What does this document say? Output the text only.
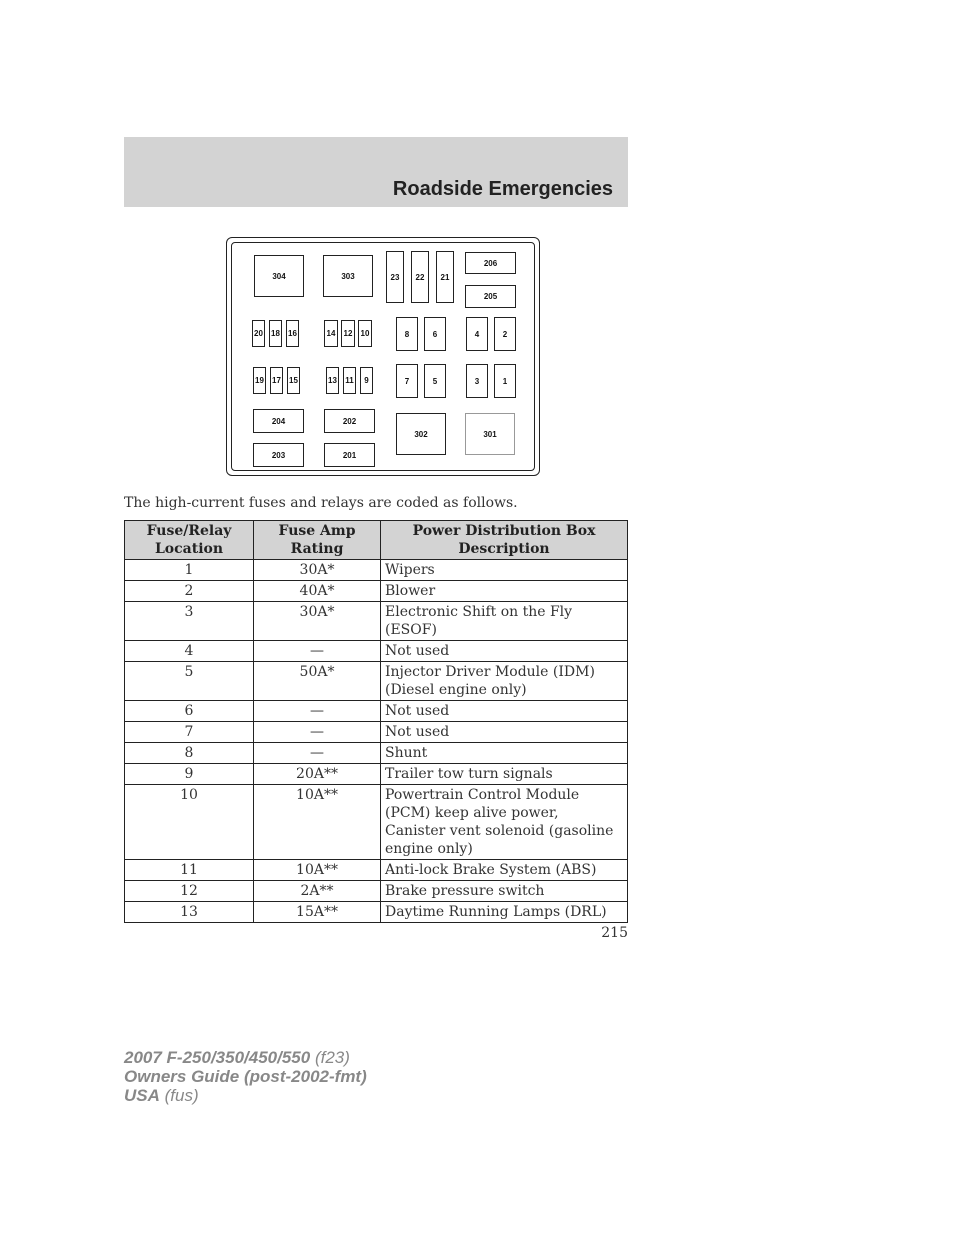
Roadside Emergencies
304	303	23	22	21
206
205
20 18 16	14	12	10	8	6	4	2
19 17 15	13 11	9	7	5	3	1
204	202
302	301
203	201
The high-current fuses and relays are coded as follows.
Fuse/Relay Location	Fuse Amp Rating	Power Distribution Box Description
1	30A*	Wipers
2	40A*	Blower
3	30A*	Electronic Shift on the Fly (ESOF)
4	—	Not used
5	50A*	Injector Driver Module (IDM) (Diesel engine only)
6	—	Not used
7	—	Not used
8	—	Shunt
9	20A**	Trailer tow turn signals
10	10A**	Powertrain Control Module (PCM) keep alive power, Canister vent solenoid (gasoline engine only)
11	10A**	Anti-lock Brake System (ABS)
12	2A**	Brake pressure switch
13	15A**	Daytime Running Lamps (DRL)
215
2007 F-250/350/450/550 (f23)
Owners Guide (post-2002-fmt)
USA (fus)
